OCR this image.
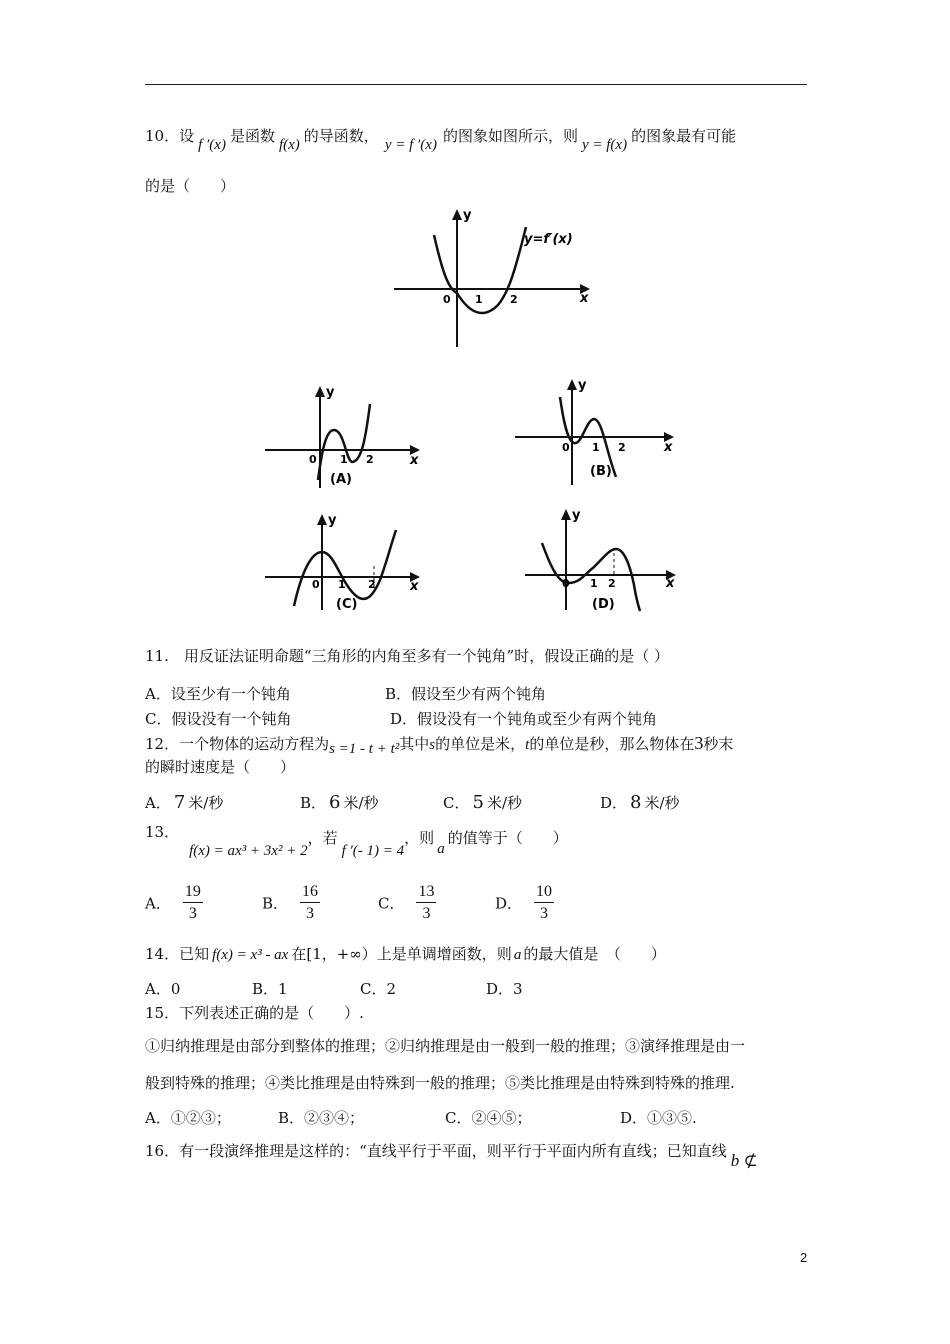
10．设 f ′(x) 是函数 f(x) 的导函数， y = f ′(x) 的图象如图所示，则 y = f(x) 的图象最有可能
的是（　　）
y
x
y=f′(x)
0 1 2
y
x
0 1 2
(A)
y
x
0 1 2
(B)
y
x
0 1 2
(C)
y
x
0 1 2
(D)
11.　用反证法证明命题“三角形的内角至多有一个钝角”时，假设正确的是（ ）
A．设至少有一个钝角	B．假设至少有两个钝角
C．假设没有一个钝角	D．假设没有一个钝角或至少有两个钝角
12．一个物体的运动方程为s =1 - t + t²其中s的单位是米，t的单位是秒，那么物体在3秒末
的瞬时速度是（　　）
A． 7 米/秒	B． 6 米/秒	C． 5 米/秒	D． 8 米/秒
13．f(x) = ax³ + 3x² + 2，若f ′(- 1) = 4，则a的值等于（　　）
A． $\frac{19}{3}$	B． $\frac{16}{3}$	C． $\frac{13}{3}$	D． $\frac{10}{3}$
14．已知 f(x) = x³ - ax 在[1，+∞）上是单调增函数，则 a 的最大值是　（　　）
A．0	B．1	C．2	D．3
15．下列表述正确的是（　　）.
①归纳推理是由部分到整体的推理；②归纳推理是由一般到一般的推理；③演绎推理是由一
般到特殊的推理；④类比推理是由特殊到一般的推理；⑤类比推理是由特殊到特殊的推理.
A．①②③；	B．②③④；	C．②④⑤；	D．①③⑤.
16．有一段演绎推理是这样的：“直线平行于平面，则平行于平面内所有直线；已知直线 b ⊄
2
